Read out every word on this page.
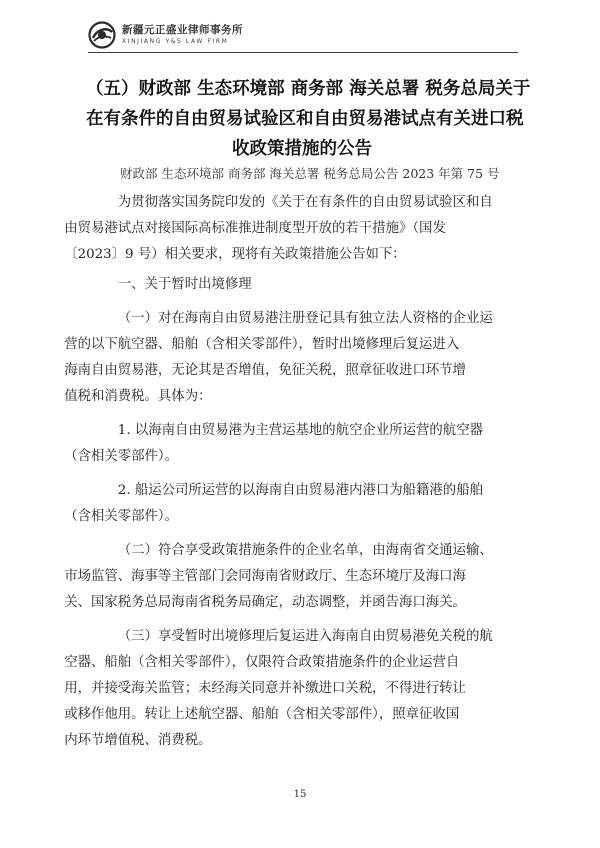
新疆元正盛业律师事务所
XINJIANG Y&S LAW FIRM
（五）财政部 生态环境部 商务部 海关总署 税务总局关于
在有条件的自由贸易试验区和自由贸易港试点有关进口税
收政策措施的公告

财政部 生态环境部 商务部 海关总署 税务总局公告 2023 年第 75 号

为贯彻落实国务院印发的《关于在有条件的自由贸易试验区和自
由贸易港试点对接国际高标准推进制度型开放的若干措施》（国发
〔2023〕9 号）相关要求，现将有关政策措施公告如下：

一、关于暂时出境修理

（一）对在海南自由贸易港注册登记具有独立法人资格的企业运
营的以下航空器、船舶（含相关零部件），暂时出境修理后复运进入
海南自由贸易港，无论其是否增值，免征关税，照章征收进口环节增
值税和消费税。具体为：

1. 以海南自由贸易港为主营运基地的航空企业所运营的航空器
（含相关零部件）。

2. 船运公司所运营的以海南自由贸易港内港口为船籍港的船舶
（含相关零部件）。

（二）符合享受政策措施条件的企业名单，由海南省交通运输、
市场监管、海事等主管部门会同海南省财政厅、生态环境厅及海口海
关、国家税务总局海南省税务局确定，动态调整，并函告海口海关。

（三）享受暂时出境修理后复运进入海南自由贸易港免关税的航
空器、船舶（含相关零部件），仅限符合政策措施条件的企业运营自
用，并接受海关监管；未经海关同意并补缴进口关税，不得进行转让
或移作他用。转让上述航空器、船舶（含相关零部件），照章征收国
内环节增值税、消费税。

15
